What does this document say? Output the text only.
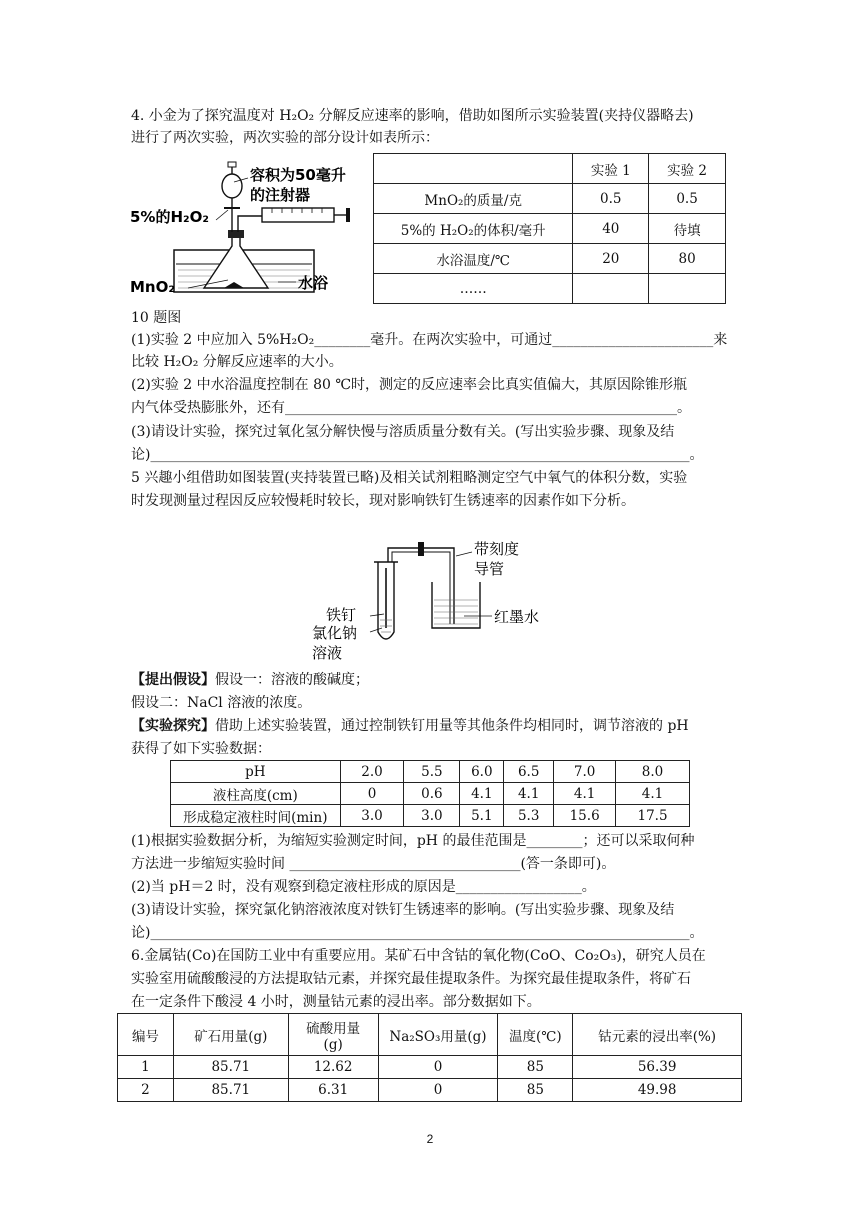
4. 小金为了探究温度对 H₂O₂ 分解反应速率的影响，借助如图所示实验装置(夹持仪器略去)
进行了两次实验，两次实验的部分设计如表所示：
容积为50毫升
的注射器
5%的H₂O₂
MnO₂	水浴
	实验 1	实验 2
MnO₂的质量/克	0.5	0.5
5%的 H₂O₂的体积/毫升	40	待填
水浴温度/℃	20	80
……		
10 题图
(1)实验 2 中应加入 5%H₂O₂________毫升。在两次实验中，可通过_______________________来
比较 H₂O₂ 分解反应速率的大小。
(2)实验 2 中水浴温度控制在 80 ℃时，测定的反应速率会比真实值偏大，其原因除锥形瓶
内气体受热膨胀外，还有________________________________________________________。
(3)请设计实验，探究过氧化氢分解快慢与溶质质量分数有关。(写出实验步骤、现象及结
论)_____________________________________________________________________________。
5 兴趣小组借助如图装置(夹持装置已略)及相关试剂粗略测定空气中氧气的体积分数，实验
时发现测量过程因反应较慢耗时较长，现对影响铁钉生锈速率的因素作如下分析。
带刻度
导管
铁钉
氯化钠
溶液
红墨水
【提出假设】假设一：溶液的酸碱度；
假设二：NaCl 溶液的浓度。
【实验探究】借助上述实验装置，通过控制铁钉用量等其他条件均相同时，调节溶液的 pH
获得了如下实验数据：
pH	2.0	5.5	6.0	6.5	7.0	8.0
液柱高度(cm)	0	0.6	4.1	4.1	4.1	4.1
形成稳定液柱时间(min)	3.0	3.0	5.1	5.3	15.6	17.5
(1)根据实验数据分析，为缩短实验测定时间，pH 的最佳范围是________；还可以采取何种
方法进一步缩短实验时间 _________________________________(答一条即可)。
(2)当 pH＝2 时，没有观察到稳定液柱形成的原因是__________________。
(3)请设计实验，探究氯化钠溶液浓度对铁钉生锈速率的影响。(写出实验步骤、现象及结
论)_____________________________________________________________________________。
6.金属钴(Co)在国防工业中有重要应用。某矿石中含钴的氧化物(CoO、Co₂O₃)，研究人员在
实验室用硫酸酸浸的方法提取钴元素，并探究最佳提取条件。为探究最佳提取条件，将矿石
在一定条件下酸浸 4 小时，测量钴元素的浸出率。部分数据如下。
编号	矿石用量(g)	硫酸用量(g)	Na₂SO₃用量(g)	温度(℃)	钴元素的浸出率(%)
1	85.71	12.62	0	85	56.39
2	85.71	6.31	0	85	49.98
2
